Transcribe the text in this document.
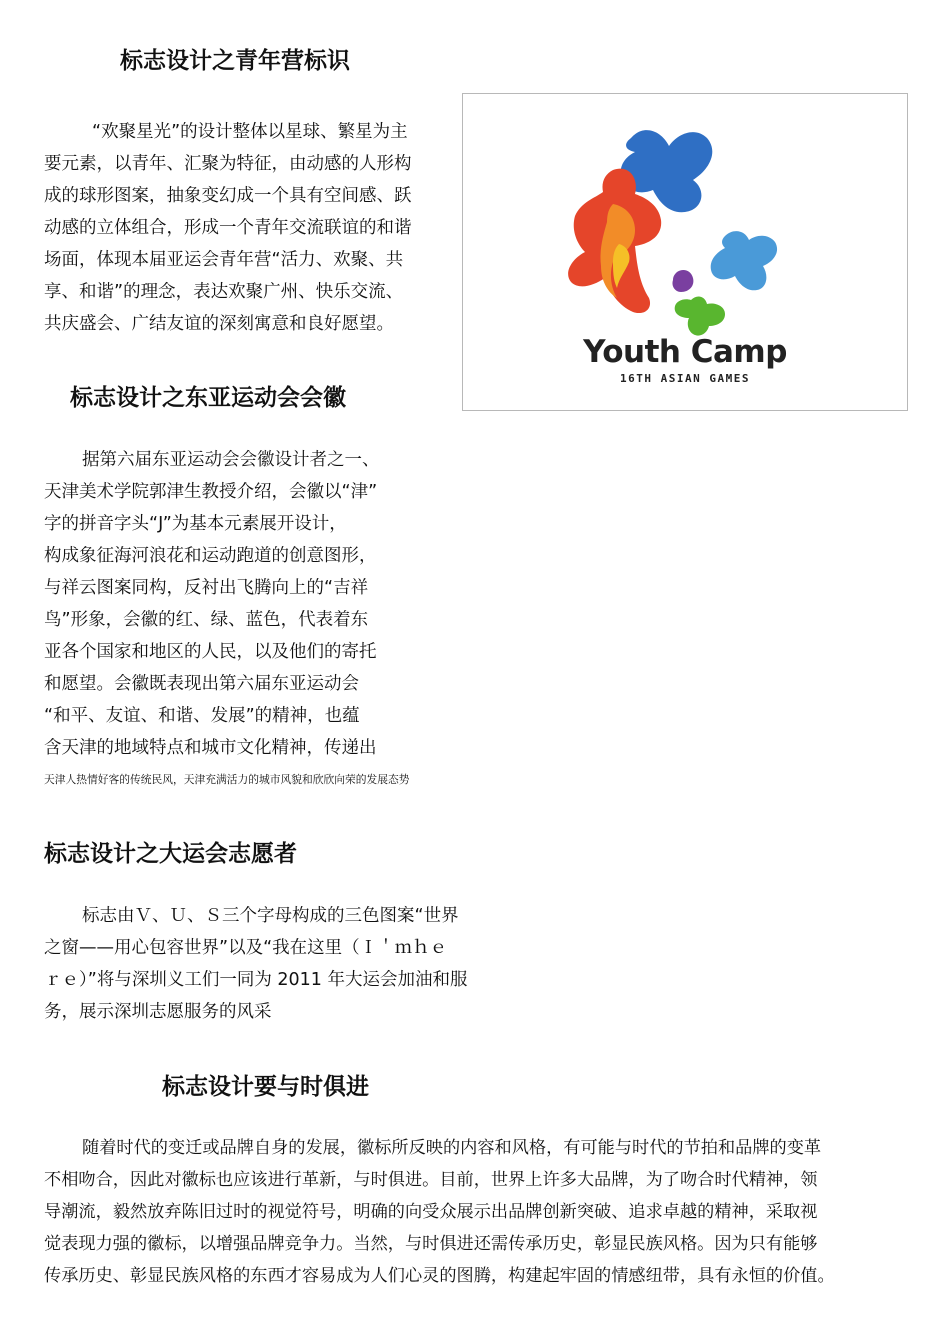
标志设计之青年营标识
“欢聚星光”的设计整体以星球、繁星为主
要元素，以青年、汇聚为特征，由动感的人形构
成的球形图案，抽象变幻成一个具有空间感、跃
动感的立体组合，形成一个青年交流联谊的和谐
场面，体现本届亚运会青年营“活力、欢聚、共
享、和谐”的理念，表达欢聚广州、快乐交流、
共庆盛会、广结友谊的深刻寓意和良好愿望。
Youth Camp
16TH ASIAN GAMES
标志设计之东亚运动会会徽
据第六届东亚运动会会徽设计者之一、
天津美术学院郭津生教授介绍，会徽以“津”
字的拼音字头“J”为基本元素展开设计，
构成象征海河浪花和运动跑道的创意图形，
与祥云图案同构，反衬出飞腾向上的“吉祥
鸟”形象，会徽的红、绿、蓝色，代表着东
亚各个国家和地区的人民，以及他们的寄托
和愿望。会徽既表现出第六届东亚运动会
“和平、友谊、和谐、发展”的精神，也蕴
含天津的地域特点和城市文化精神，传递出
天津人热情好客的传统民风，天津充满活力的城市风貌和欣欣向荣的发展态势
标志设计之大运会志愿者
标志由Ｖ、Ｕ、Ｓ三个字母构成的三色图案“世界
之窗——用心包容世界”以及“我在这里（Ｉ＇ｍｈｅ
ｒｅ）”将与深圳义工们一同为 2011 年大运会加油和服
务，展示深圳志愿服务的风采
标志设计要与时俱进
随着时代的变迁或品牌自身的发展，徽标所反映的内容和风格，有可能与时代的节拍和品牌的变革
不相吻合，因此对徽标也应该进行革新，与时俱进。目前，世界上许多大品牌，为了吻合时代精神，领
导潮流，毅然放弃陈旧过时的视觉符号，明确的向受众展示出品牌创新突破、追求卓越的精神，采取视
觉表现力强的徽标，以增强品牌竞争力。当然，与时俱进还需传承历史，彰显民族风格。因为只有能够
传承历史、彰显民族风格的东西才容易成为人们心灵的图腾，构建起牢固的情感纽带，具有永恒的价值。
